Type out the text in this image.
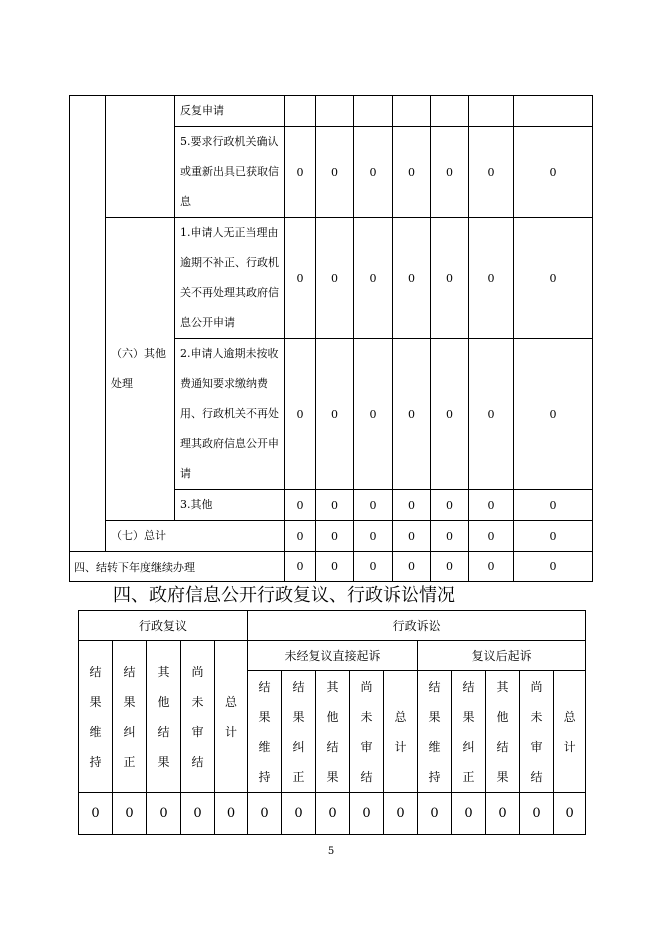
		反复申请							
		5.要求行政机关确认或重新出具已获取信息	0	0	0	0	0	0	0

	（六）其他处理	1.申请人无正当理由逾期不补正、行政机关不再处理其政府信息公开申请	0	0	0	0	0	0	0

		2.申请人逾期未按收费通知要求缴纳费用、行政机关不再处理其政府信息公开申请	0	0	0	0	0	0	0

		3.其他	0	0	0	0	0	0	0
	（七）总计		0	0	0	0	0	0	0
四、结转下年度继续办理			0	0	0	0	0	0	0
四、政府信息公开行政复议、行政诉讼情况
行政复议					行政诉讼									
结果维持	结果纠正	其他结果	尚未审结	总计	未经复议直接起诉					复议后起诉				
					结果维持	结果纠正	其他结果	尚未审结	总计	结果维持	结果纠正	其他结果	尚未审结	总计
0	0	0	0	0	0	0	0	0	0	0	0	0	0	0
5
